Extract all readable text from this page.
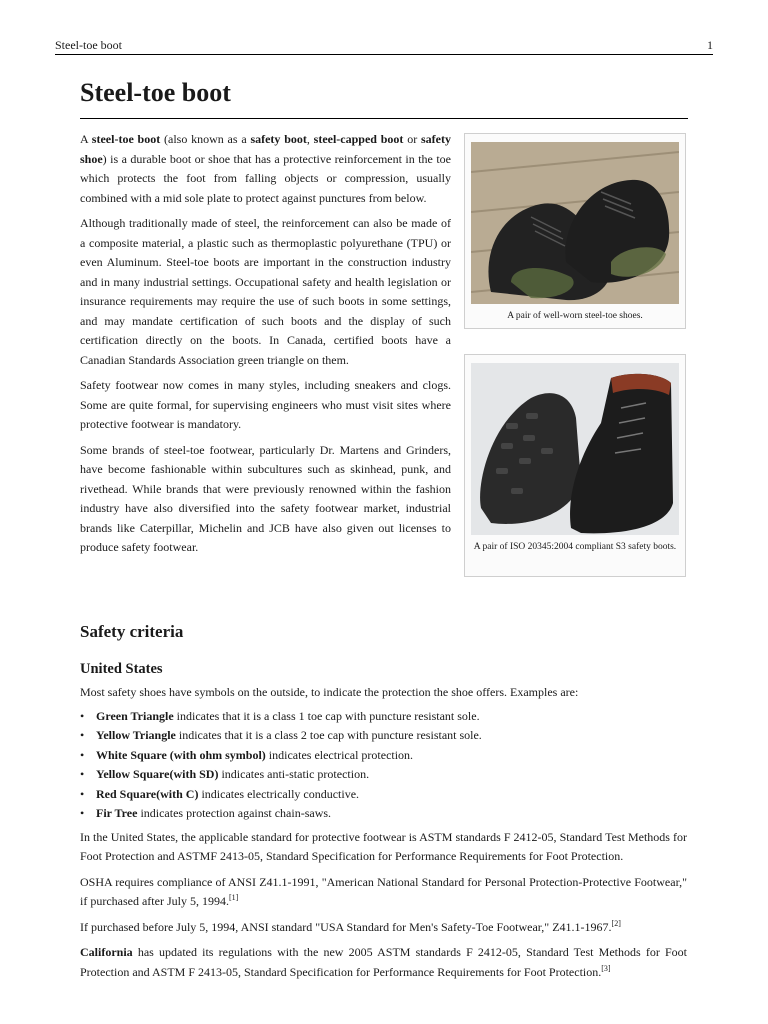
Steel-toe boot	1
Steel-toe boot

A steel-toe boot (also known as a safety boot, steel-capped boot or safety shoe) is a durable boot or shoe that has a protective reinforcement in the toe which protects the foot from falling objects or compression, usually combined with a mid sole plate to protect against punctures from below.

Although traditionally made of steel, the reinforcement can also be made of a composite material, a plastic such as thermoplastic polyurethane (TPU) or even Aluminum. Steel-toe boots are important in the construction industry and in many industrial settings. Occupational safety and health legislation or insurance requirements may require the use of such boots in some settings, and may mandate certification of such boots and the display of such certification directly on the boots. In Canada, certified boots have a Canadian Standards Association green triangle on them.

Safety footwear now comes in many styles, including sneakers and clogs. Some are quite formal, for supervising engineers who must visit sites where protective footwear is mandatory.

Some brands of steel-toe footwear, particularly Dr. Martens and Grinders, have become fashionable within subcultures such as skinhead, punk, and rivethead. While brands that were previously renowned within the fashion industry have also diversified into the safety footwear market, industrial brands like Caterpillar, Michelin and JCB have also given out licenses to produce safety footwear.

A pair of well-worn steel-toe shoes.
A pair of ISO 20345:2004 compliant S3 safety boots.
Safety criteria
United States

Most safety shoes have symbols on the outside, to indicate the protection the shoe offers. Examples are:

• Green Triangle indicates that it is a class 1 toe cap with puncture resistant sole.
• Yellow Triangle indicates that it is a class 2 toe cap with puncture resistant sole.
• White Square (with ohm symbol) indicates electrical protection.
• Yellow Square(with SD) indicates anti-static protection.
• Red Square(with C) indicates electrically conductive.
• Fir Tree indicates protection against chain-saws.

In the United States, the applicable standard for protective footwear is ASTM standards F 2412-05, Standard Test Methods for Foot Protection and ASTMF 2413-05, Standard Specification for Performance Requirements for Foot Protection.

OSHA requires compliance of ANSI Z41.1-1991, "American National Standard for Personal Protection-Protective Footwear," if purchased after July 5, 1994.[1]

If purchased before July 5, 1994, ANSI standard "USA Standard for Men's Safety-Toe Footwear," Z41.1-1967.[2]

California has updated its regulations with the new 2005 ASTM standards F 2412-05, Standard Test Methods for Foot Protection and ASTM F 2413-05, Standard Specification for Performance Requirements for Foot Protection.[3]
